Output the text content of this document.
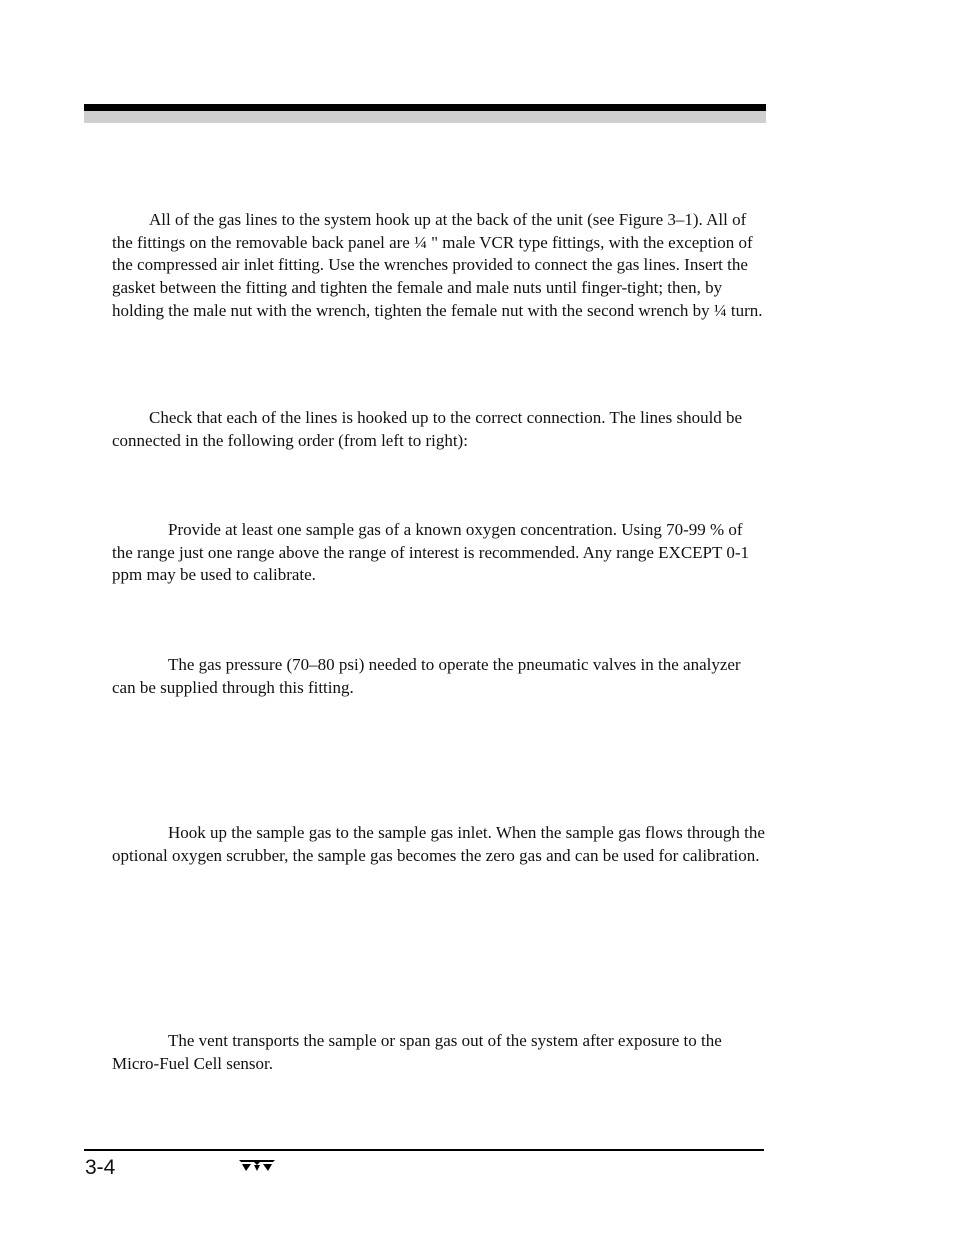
All of the gas lines to the system hook up at the back of the unit (see Figure 3–1). All of the fittings on the removable back panel are ¼ " male VCR type fittings, with the exception of the compressed air inlet fitting. Use the wrenches provided to connect the gas lines. Insert the gasket between the fitting and tighten the female and male nuts until finger-tight; then, by holding the male nut with the wrench, tighten the female nut with the second wrench by ¼ turn.

Check that each of the lines is hooked up to the correct connection. The lines should be connected in the following order (from left to right):

Provide at least one sample gas of a known oxygen concentration. Using 70-99 % of the range just one range above the range of interest is recommended. Any range EXCEPT 0-1 ppm may be used to calibrate.

The gas pressure (70–80 psi) needed to operate the pneumatic valves in the analyzer can be supplied through this fitting.

Hook up the sample gas to the sample gas inlet. When the sample gas flows through the optional oxygen scrubber, the sample gas becomes the zero gas and can be used for calibration.

The vent transports the sample or span gas out of the system after exposure to the Micro-Fuel Cell sensor.

3-4
